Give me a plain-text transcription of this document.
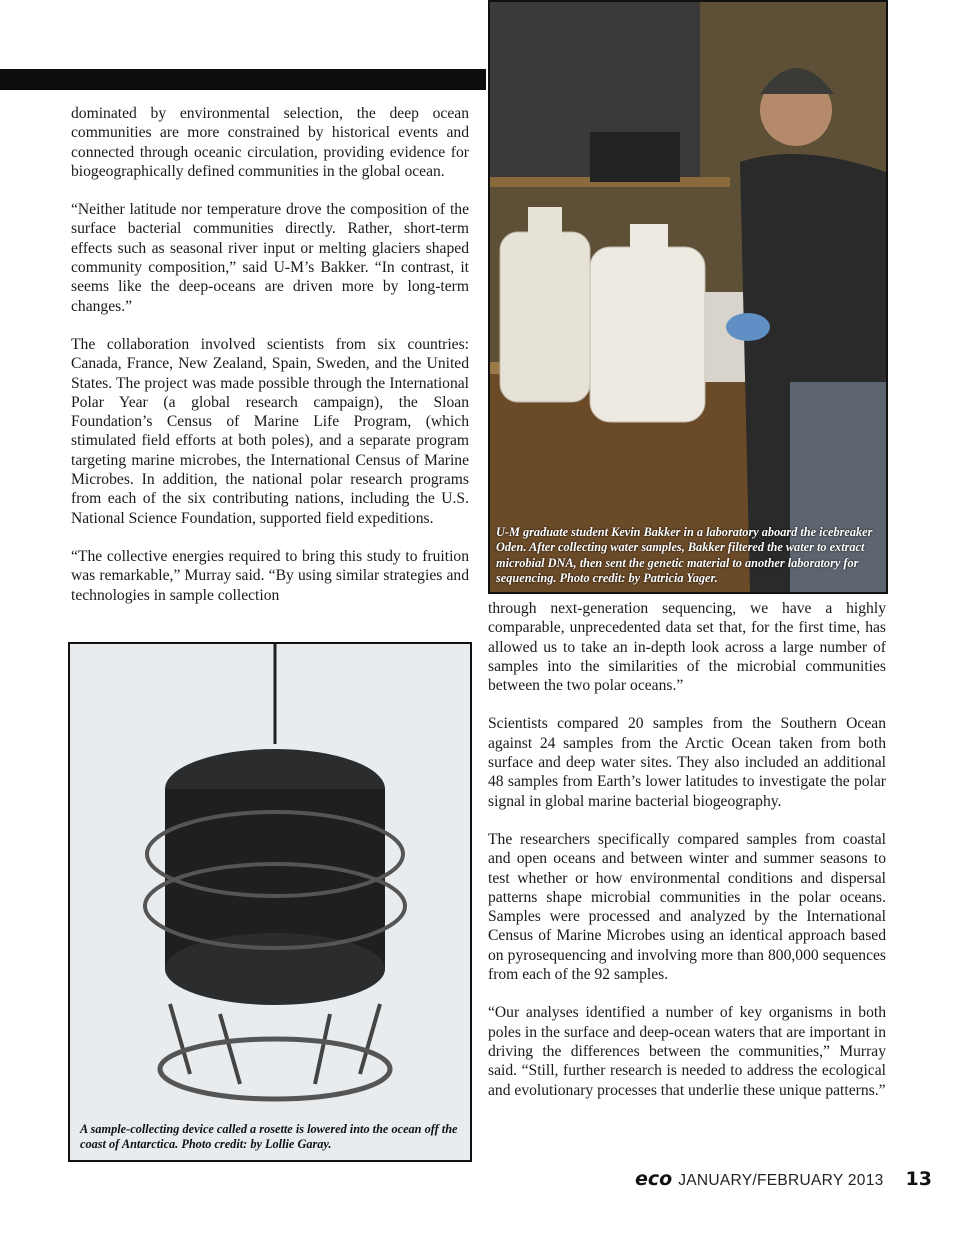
dominated by environmental selection, the deep ocean communities are more constrained by historical events and connected through oceanic circulation, providing evidence for biogeographically defined communities in the global ocean.

“Neither latitude nor temperature drove the composition of the surface bacterial communities directly. Rather, short-term effects such as seasonal river input or melting glaciers shaped community composition,” said U-M’s Bakker. “In contrast, it seems like the deep-oceans are driven more by long-term changes.”

The collaboration involved scientists from six countries: Canada, France, New Zealand, Spain, Sweden, and the United States. The project was made possible through the International Polar Year (a global research campaign), the Sloan Foundation’s Census of Marine Life Program, (which stimulated field efforts at both poles), and a separate program targeting marine microbes, the International Census of Marine Microbes. In addition, the national polar research programs from each of the six contributing nations, including the U.S. National Science Foundation, supported field expeditions.

“The collective energies required to bring this study to fruition was remarkable,” Murray said. “By using similar strategies and technologies in sample collection

U-M graduate student Kevin Bakker in a laboratory aboard the icebreaker Oden. After collecting water samples, Bakker filtered the water to extract microbial DNA, then sent the genetic material to another laboratory for sequencing. Photo credit: by Patricia Yager.

through next-generation sequencing, we have a highly comparable, unprecedented data set that, for the first time, has allowed us to take an in-depth look across a large number of samples into the similarities of the microbial communities between the two polar oceans.”

Scientists compared 20 samples from the Southern Ocean against 24 samples from the Arctic Ocean taken from both surface and deep water sites. They also included an additional 48 samples from Earth’s lower latitudes to investigate the polar signal in global marine bacterial biogeography.

The researchers specifically compared samples from coastal and open oceans and between winter and summer seasons to test whether or how environmental conditions and dispersal patterns shape microbial communities in the polar oceans. Samples were processed and analyzed by the International Census of Marine Microbes using an identical approach based on pyrosequencing and involving more than 800,000 sequences from each of the 92 samples.

“Our analyses identified a number of key organisms in both poles in the surface and deep-ocean waters that are important in driving the differences between the communities,” Murray said. “Still, further research is needed to address the ecological and evolutionary processes that underlie these unique patterns.”

A sample-collecting device called a rosette is lowered into the ocean off the coast of Antarctica. Photo credit: by Lollie Garay.
eco JANUARY/FEBRUARY 2013 13
